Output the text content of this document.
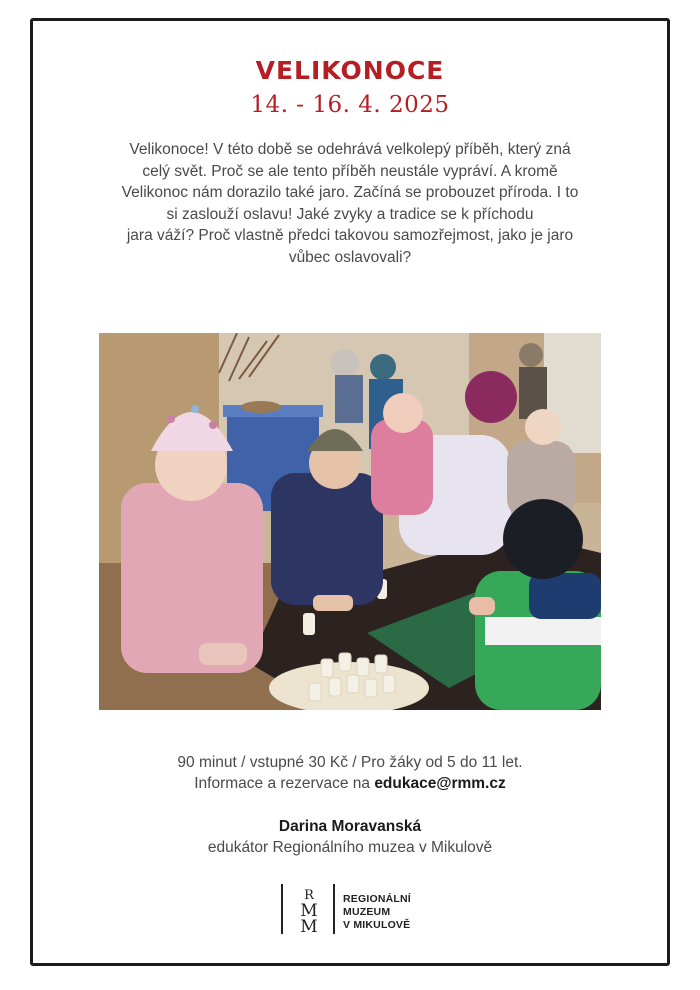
VELIKONOCE
14. - 16. 4. 2025
Velikonoce! V této době se odehrává velkolepý příběh, který zná
celý svět. Proč se ale tento příběh neustále vypráví. A kromě
Velikonoc nám dorazilo také jaro. Začíná se probouzet příroda. I to
si zaslouží oslavu! Jaké zvyky a tradice se k příchodu
jara váží? Proč vlastně předci takovou samozřejmost, jako je jaro
vůbec oslavovali?
90 minut / vstupné 30 Kč / Pro žáky od 5 do 11 let.
Informace a rezervace na edukace@rmm.cz
Darina Moravanská
edukátor Regionálního muzea v Mikulově
R
M
M
REGIONÁLNÍ
MUZEUM
V MIKULOVĚ
